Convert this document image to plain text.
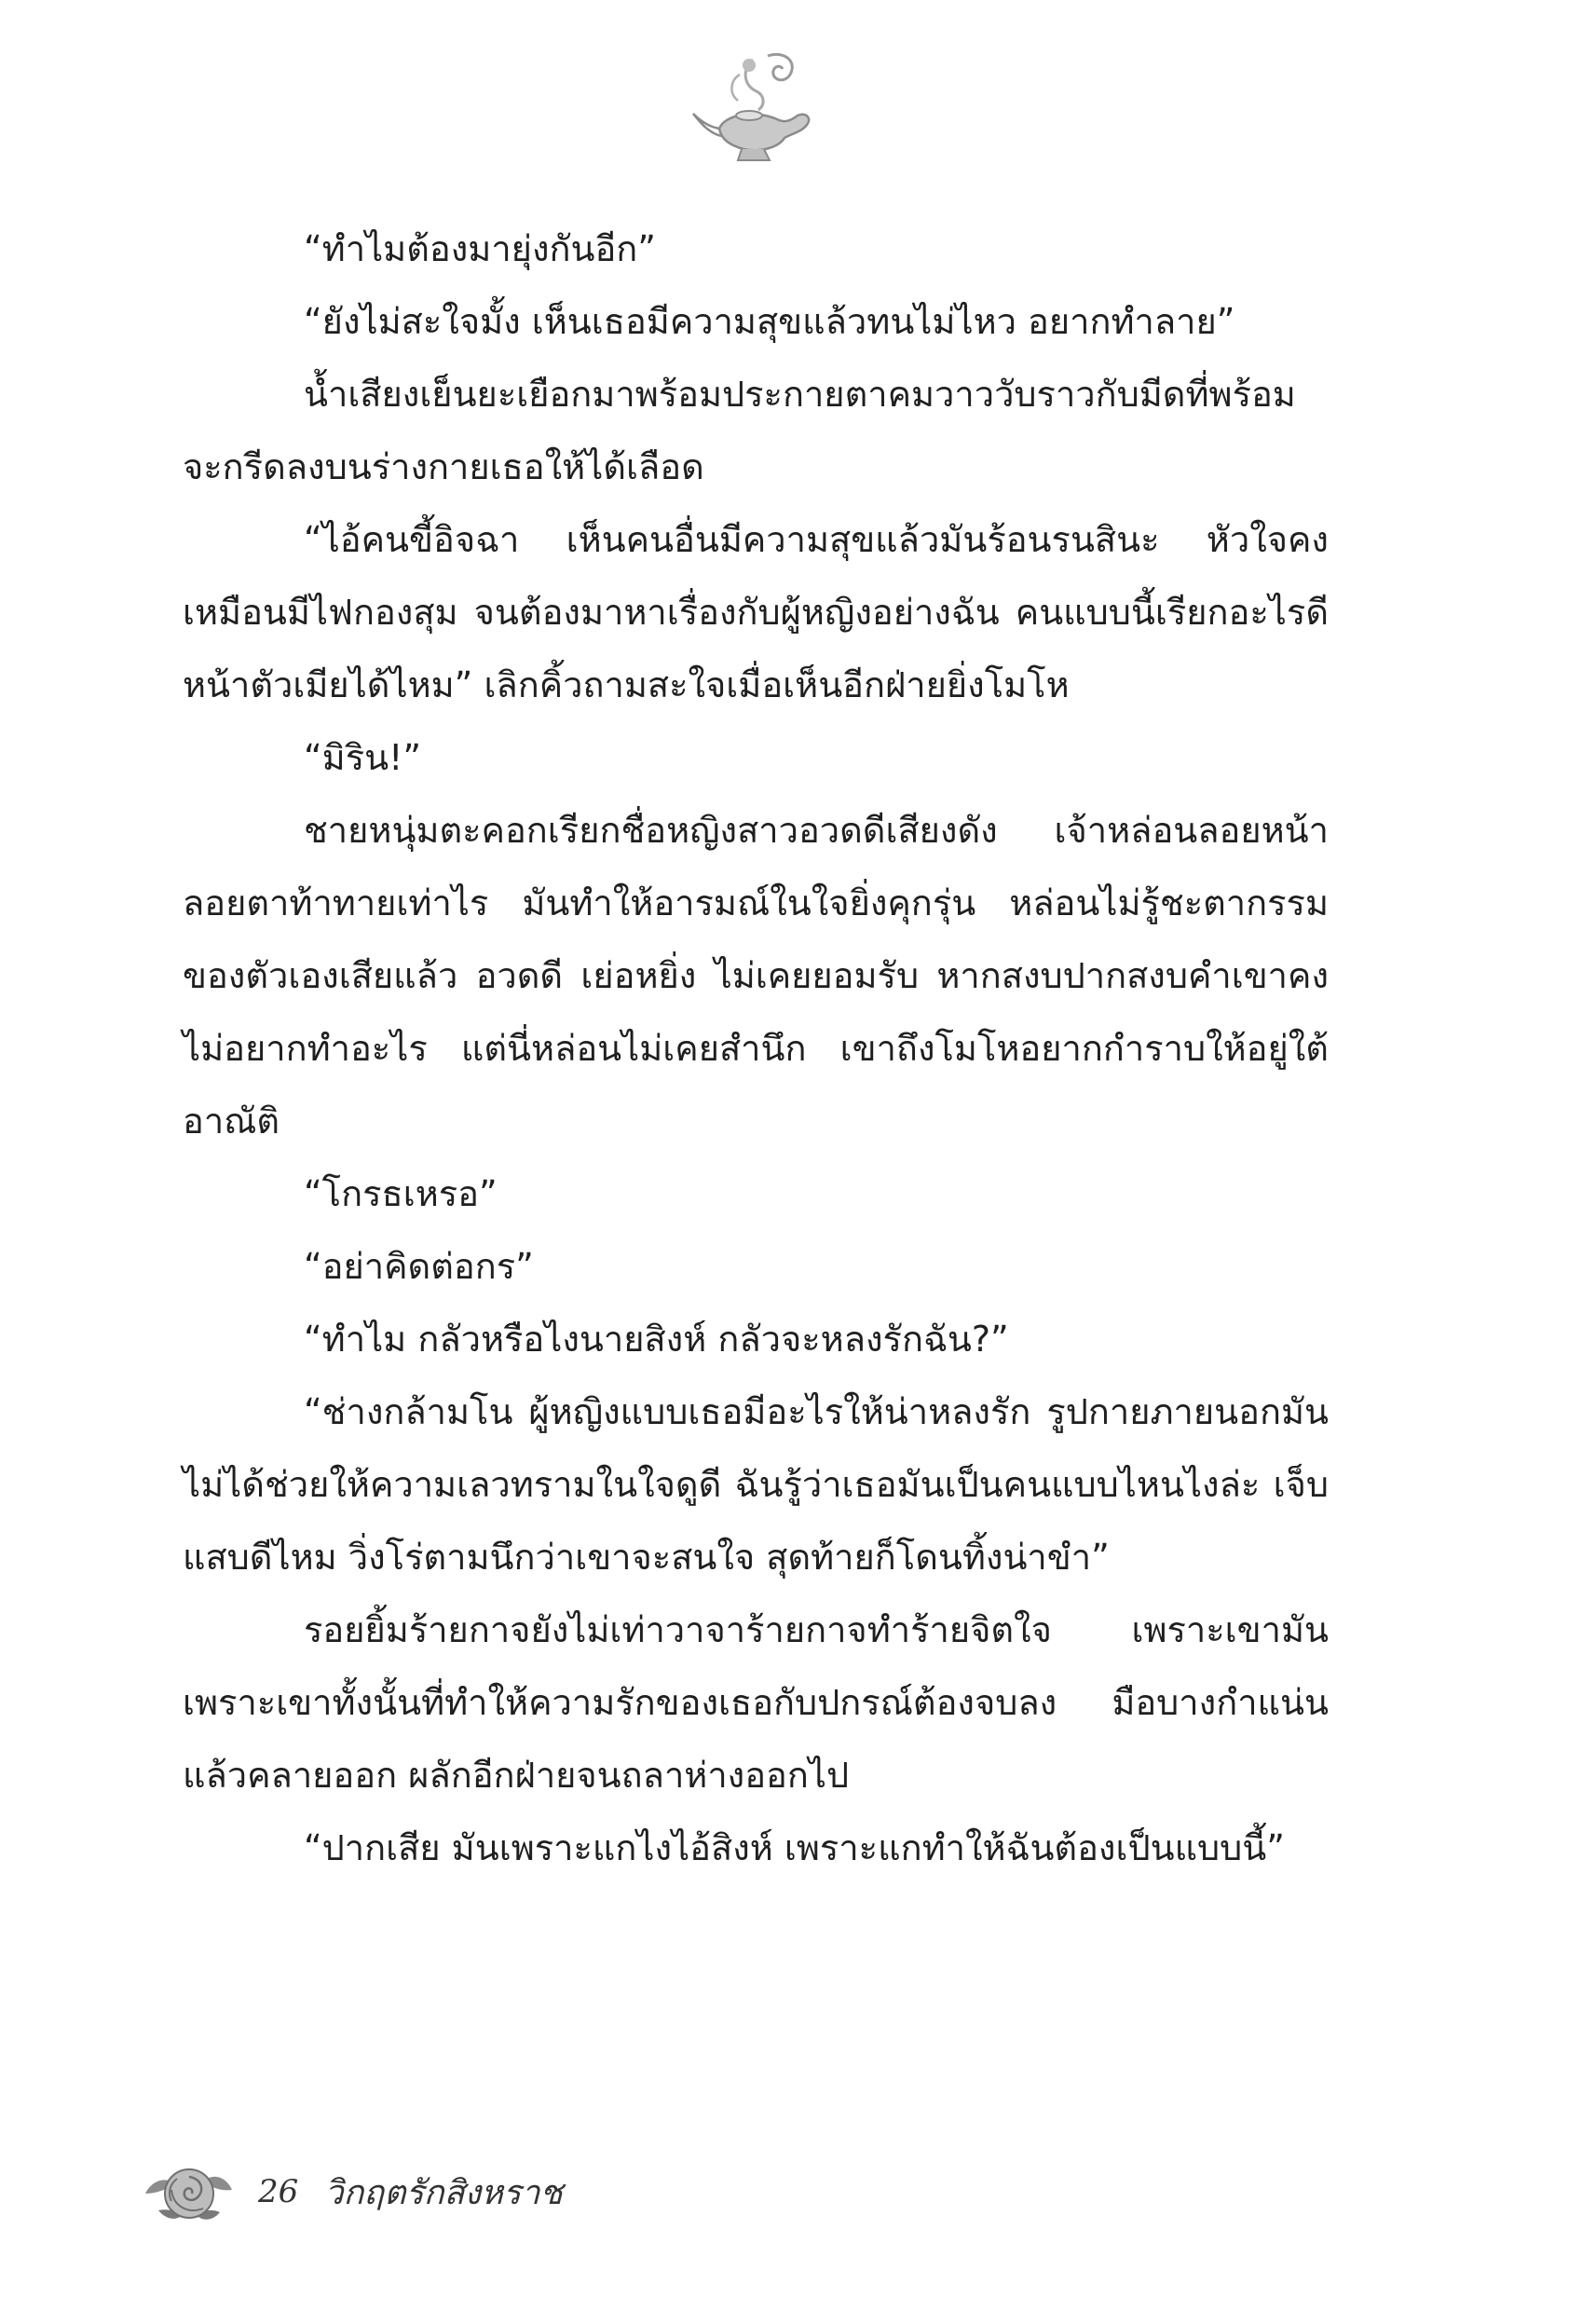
“ทำไมต้องมายุ่งกันอีก”

“ยังไม่สะใจมั้ง เห็นเธอมีความสุขแล้วทนไม่ไหว อยากทำลาย”

น้ำเสียงเย็นยะเยือกมาพร้อมประกายตาคมวาววับราวกับมีดที่พร้อมจะกรีดลงบนร่างกายเธอให้ได้เลือด

“ไอ้คนขี้อิจฉา เห็นคนอื่นมีความสุขแล้วมันร้อนรนสินะ หัวใจคงเหมือนมีไฟกองสุม จนต้องมาหาเรื่องกับผู้หญิงอย่างฉัน คนแบบนี้เรียกอะไรดี หน้าตัวเมียได้ไหม” เลิกคิ้วถามสะใจเมื่อเห็นอีกฝ่ายยิ่งโมโห

“มิริน!”

ชายหนุ่มตะคอกเรียกชื่อหญิงสาวอวดดีเสียงดัง เจ้าหล่อนลอยหน้าลอยตาท้าทายเท่าไร มันทำให้อารมณ์ในใจยิ่งคุกรุ่น หล่อนไม่รู้ชะตากรรมของตัวเองเสียแล้ว อวดดี เย่อหยิ่ง ไม่เคยยอมรับ หากสงบปากสงบคำเขาคงไม่อยากทำอะไร แต่นี่หล่อนไม่เคยสำนึก เขาถึงโมโหอยากกำราบให้อยู่ใต้อาณัติ

“โกรธเหรอ”

“อย่าคิดต่อกร”

“ทำไม กลัวหรือไงนายสิงห์ กลัวจะหลงรักฉัน?”

“ช่างกล้ามโน ผู้หญิงแบบเธอมีอะไรให้น่าหลงรัก รูปกายภายนอกมันไม่ได้ช่วยให้ความเลวทรามในใจดูดี ฉันรู้ว่าเธอมันเป็นคนแบบไหนไงล่ะ เจ็บแสบดีไหม วิ่งโร่ตามนึกว่าเขาจะสนใจ สุดท้ายก็โดนทิ้งน่าขำ”

รอยยิ้มร้ายกาจยังไม่เท่าวาจาร้ายกาจทำร้ายจิตใจ เพราะเขามันเพราะเขาทั้งนั้นที่ทำให้ความรักของเธอกับปกรณ์ต้องจบลง มือบางกำแน่นแล้วคลายออก ผลักอีกฝ่ายจนถลาห่างออกไป

“ปากเสีย มันเพราะแกไงไอ้สิงห์ เพราะแกทำให้ฉันต้องเป็นแบบนี้”

26 วิกฤตรักสิงหราช
